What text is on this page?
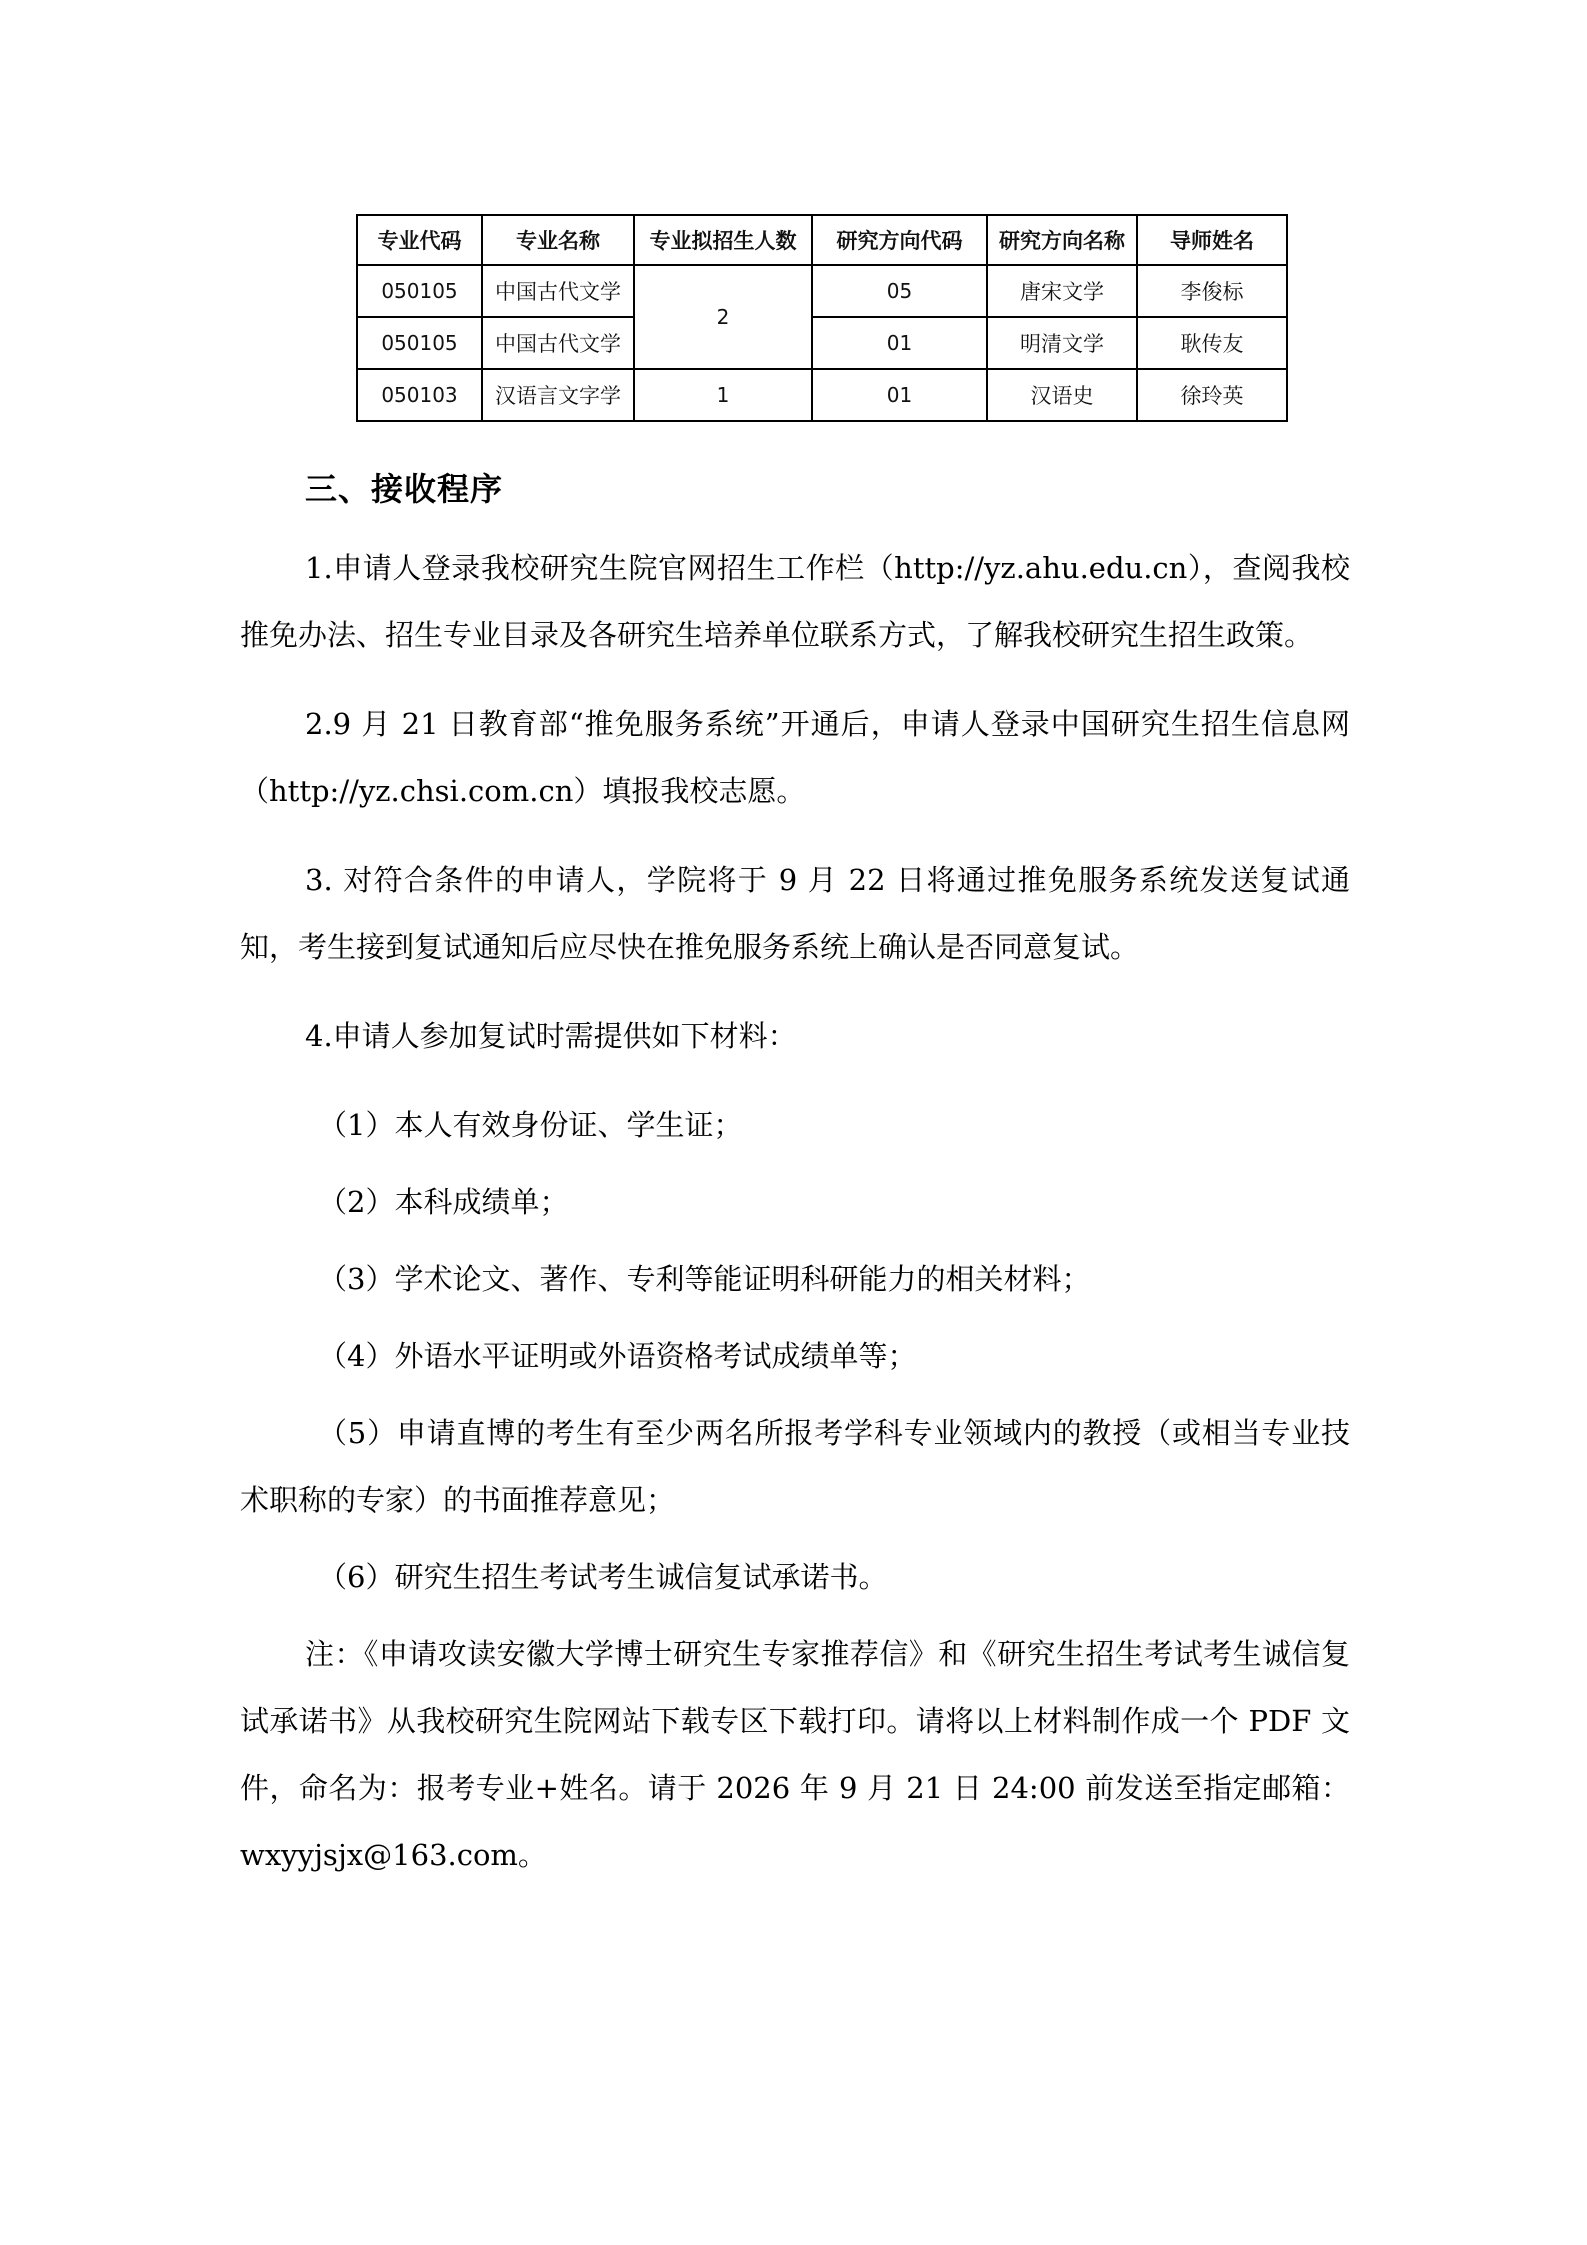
专业代码	专业名称	专业拟招生人数	研究方向代码	研究方向名称	导师姓名
050105	中国古代文学	2	05	唐宋文学	李俊标
050105	中国古代文学		01	明清文学	耿传友
050103	汉语言文字学	1	01	汉语史	徐玲英
三、接收程序

1.申请人登录我校研究生院官网招生工作栏（http://yz.ahu.edu.cn），查阅我校推免办法、招生专业目录及各研究生培养单位联系方式，了解我校研究生招生政策。

2.9 月 21 日教育部“推免服务系统”开通后，申请人登录中国研究生招生信息网（http://yz.chsi.com.cn）填报我校志愿。

3. 对符合条件的申请人，学院将于 9 月 22 日将通过推免服务系统发送复试通知，考生接到复试通知后应尽快在推免服务系统上确认是否同意复试。

4.申请人参加复试时需提供如下材料：

（1）本人有效身份证、学生证；

（2）本科成绩单；

（3）学术论文、著作、专利等能证明科研能力的相关材料；

（4）外语水平证明或外语资格考试成绩单等；

（5）申请直博的考生有至少两名所报考学科专业领域内的教授（或相当专业技术职称的专家）的书面推荐意见；

（6）研究生招生考试考生诚信复试承诺书。

注：《申请攻读安徽大学博士研究生专家推荐信》和《研究生招生考试考生诚信复试承诺书》从我校研究生院网站下载专区下载打印。请将以上材料制作成一个 PDF 文件，命名为：报考专业+姓名。请于 2026 年 9 月 21 日 24:00 前发送至指定邮箱：wxyyjsjx@163.com。
